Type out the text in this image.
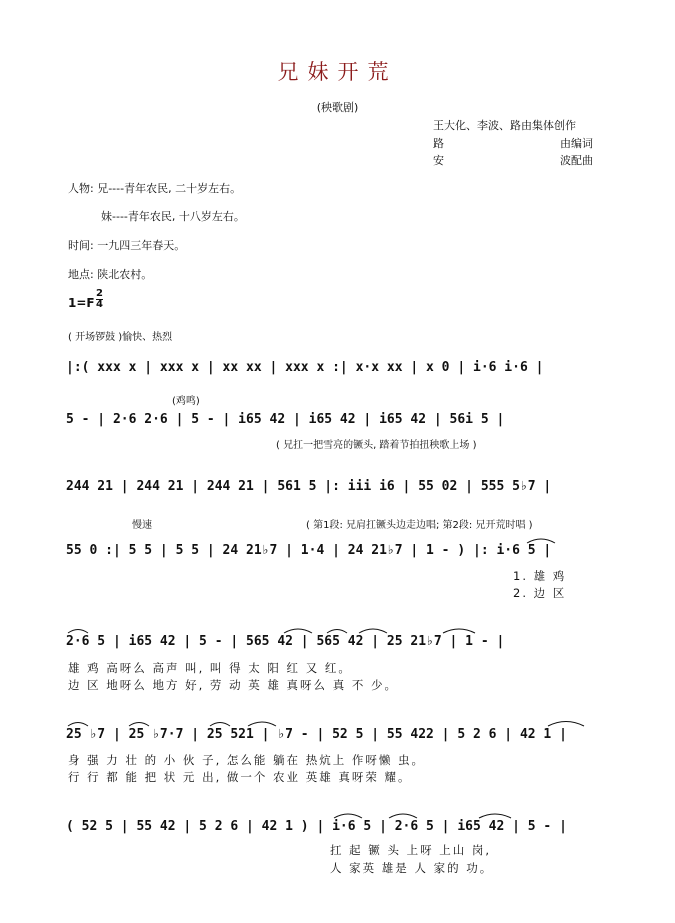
兄妹开荒
(秧歌剧)
王大化、李波、路由集体创作
路	由编词
安	波配曲
人物: 兄----青年农民, 二十岁左右。
妹----青年农民, 十八岁左右。
时间: 一九四三年春天。
地点: 陕北农村。
$1=F \frac{2}{4}$
( 开场锣鼓 )愉快、热烈
(鸡鸣)
|:( xxx x | xxx x | xx xx | xxx x :| x·x xx | x 0 | i·6 i·6 |
5 - | 2·6 2·6 | 5 - | i65 42 | i65 42 | i65 42 | 56i 5 |
( 兄扛一把雪亮的镢头, 踏着节拍扭秧歌上场 )
244 21 | 244 21 | 244 21 | 561 5 |: iii i6 | 55 02 | 555 5♭7 |
慢速	( 第1段: 兄肩扛镢头边走边唱; 第2段: 兄开荒时唱 )
55 0 :| 5 5 | 5 5 | 24 21♭7 | 1·4 | 24 21♭7 | 1 - ) |: i·6 5 |
1. 雄 鸡
2. 边 区
2·6 5 | i65 42 | 5 - | 565 42 | 565 42 | 25 21♭7 | 1 - |
雄 鸡 高呀么 高声 叫, 叫 得 太 阳 红 又 红。
边 区 地呀么 地方 好, 劳 动 英 雄 真呀么 真 不 少。
25 ♭7 | 25 ♭7·7 | 25 521 | ♭7 - | 52 5 | 55 422 | 5 2 6 | 42 1 |
身 强 力 壮 的 小 伙 子, 怎么能 躺在 热炕上 作呀懒 虫。
行 行 都 能 把 状 元 出, 做一个 农业 英雄 真呀荣 耀。
( 52 5 | 55 42 | 5 2 6 | 42 1 ) | i·6 5 | 2·6 5 | i65 42 | 5 - |
扛 起 镢 头 上呀 上山 岗,
人 家英 雄是 人 家的 功。
